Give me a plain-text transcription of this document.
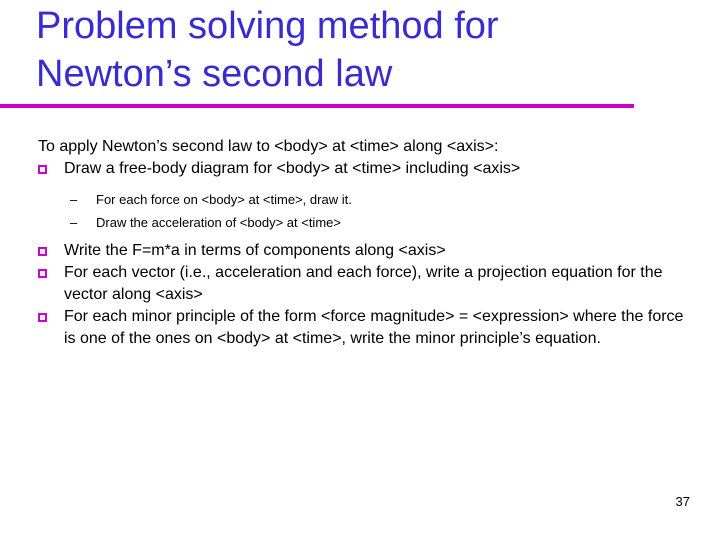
Problem solving method for
Newton’s second law

To apply Newton’s second law to <body> at <time> along <axis>:

Draw a free-body diagram for <body> at <time> including <axis>
– For each force on <body> at <time>, draw it.
– Draw the acceleration of <body> at <time>
Write the F=m*a in terms of components along <axis>
For each vector (i.e., acceleration and each force), write a projection equation for the vector along <axis>
For each minor principle of the form <force magnitude> = <expression> where the force is one of the ones on <body> at <time>, write the minor principle’s equation.
37
